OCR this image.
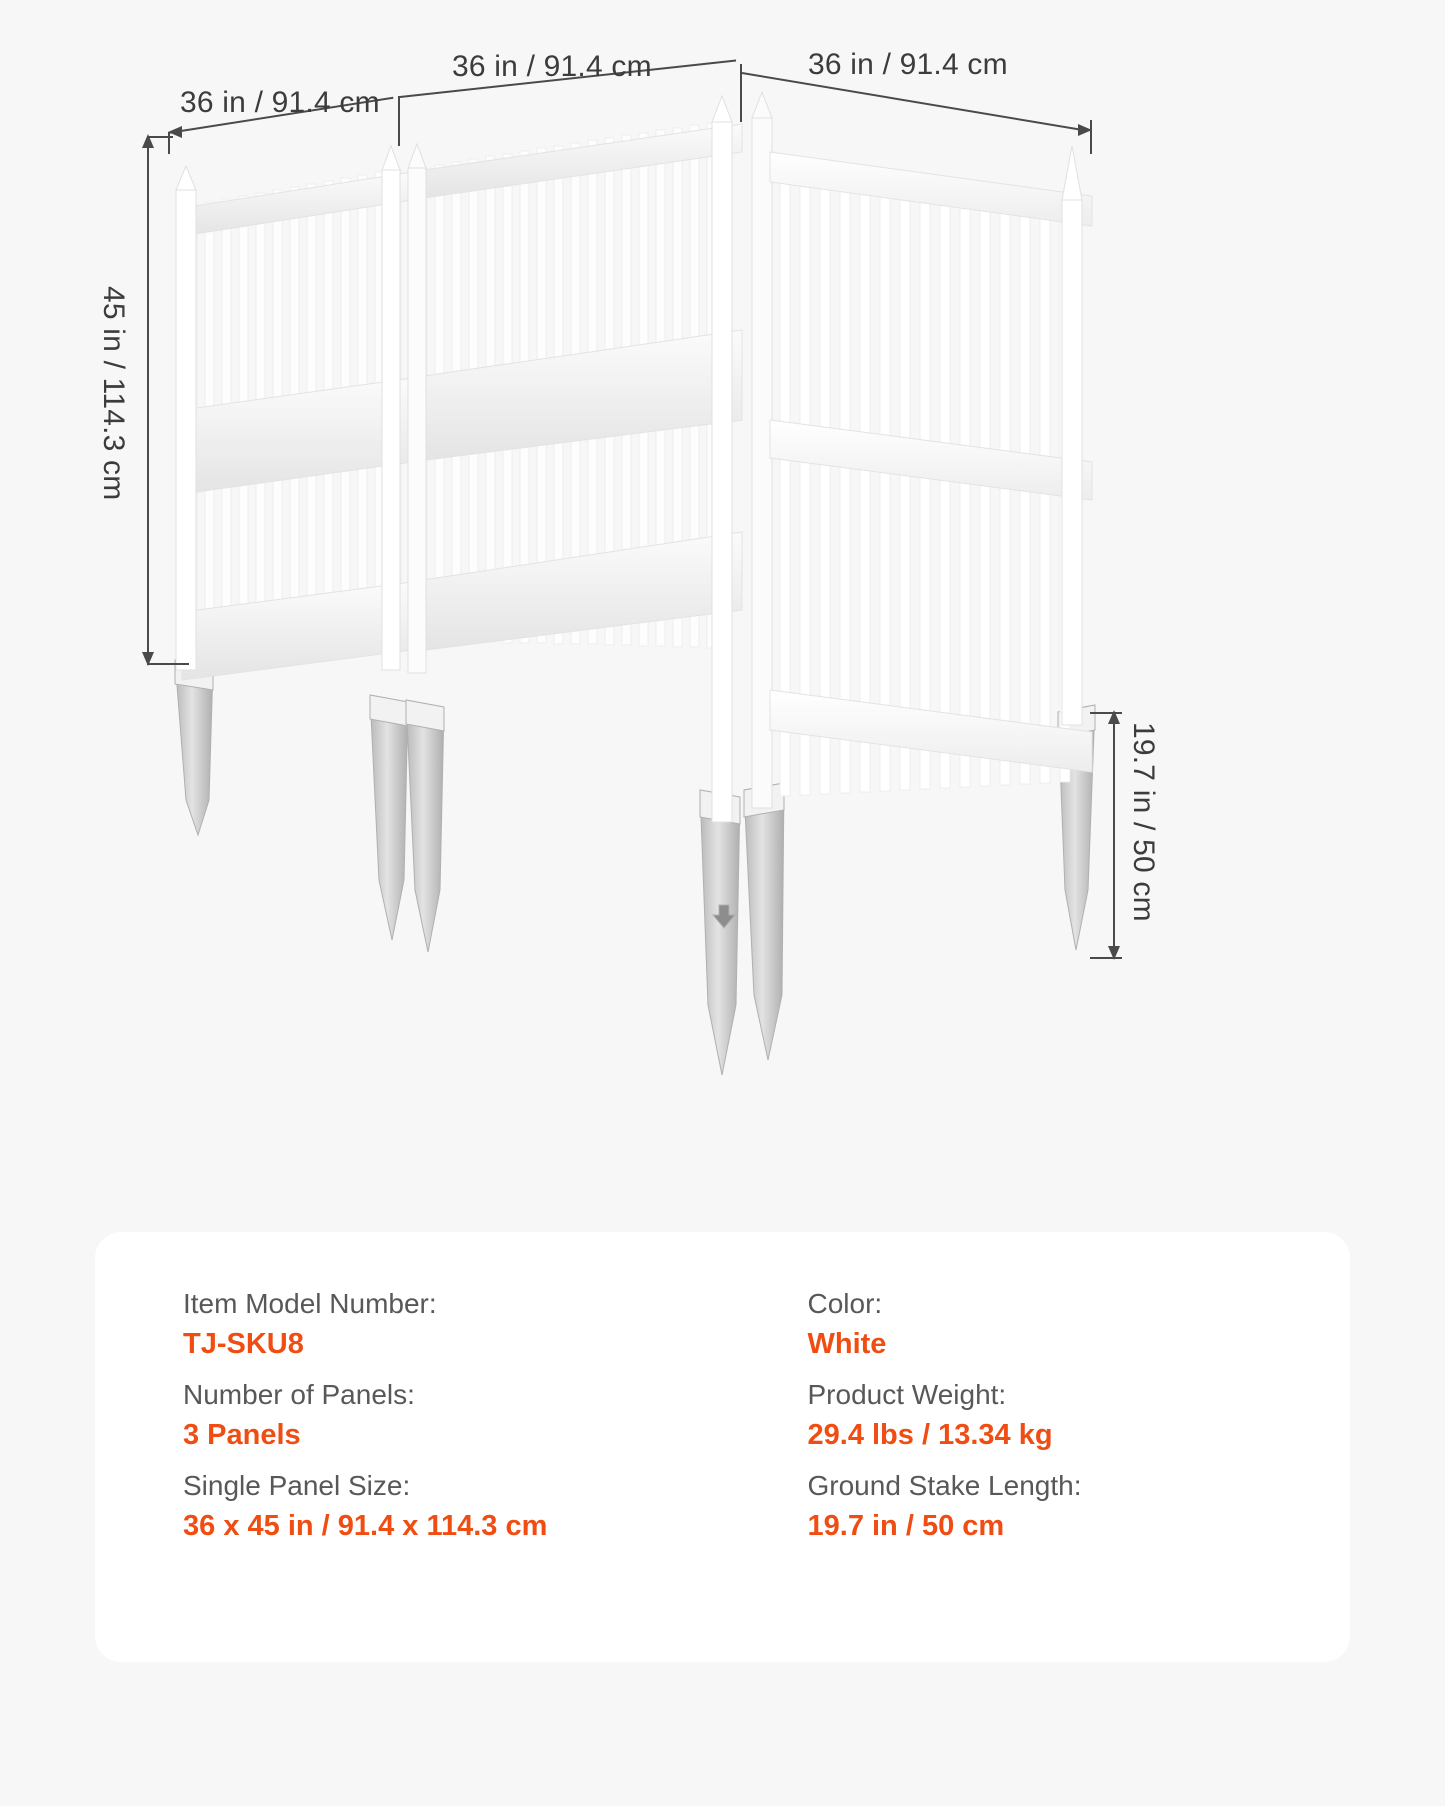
36 in / 91.4 cm
36 in / 91.4 cm	36 in / 91.4 cm
45 in / 114.3 cm
19.7 in / 50 cm

Item Model Number:

TJ-SKU8

Number of Panels:

3 Panels

Single Panel Size:

36 x 45 in / 91.4 x 114.3 cm

Color:

White

Product Weight:

29.4 lbs / 13.34 kg

Ground Stake Length:

19.7 in / 50 cm
